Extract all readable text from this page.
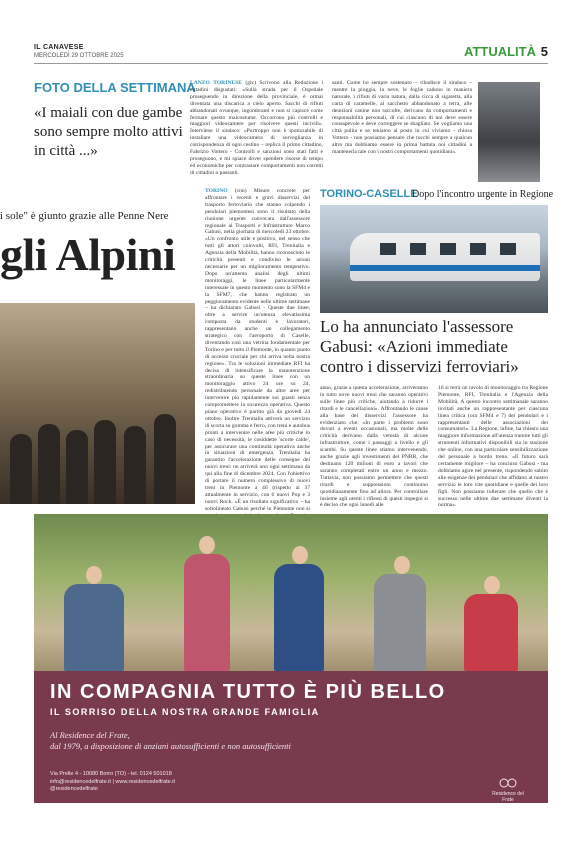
IL CANAVESE
MERCOLEDÌ 29 OTTOBRE 2025	ATTUALITÀ 5
FOTO DELLA SETTIMANA
«I maiali con due gambe sono sempre molto attivi in città ...»
LANZO TORINESE (glc) Scrivono alla Redazione i cittadini disgustati: «Sulla strada per il Ospedale proseguendo in direzione della provinciale, è ormai diventata una discarica a cielo aperto. Sacchi di rifiuti abbandonati ovunque, ingombranti e non si capisce come fermare questo malcostume. Occorrono più controlli e maggiori videocamere per risolvere questi incivili». Interviene il sindaco: «Purtroppo non è ipotizzabile di installare una videocamera di sorveglianza in corrispondenza di ogni cestino – replica il primo cittadino, Fabrizio Vottero - Controlli e sanzioni sono stati fatti e proseguono, e mi spiace dover spendere risorse di tempo ed economiche per contrastare comportamenti non corretti di cittadini o passanti.
santi. Come ho sempre sostenuto – ribadisce il sindaco – mentre la pioggia, la neve, le foglie cadono in maniera naturale, i rifiuti di varia natura, dalla cicca di sigaretta, alla carta di caramelle, al sacchetto abbandonato a terra, alle deiezioni canine non raccolte, derivano da comportamenti e responsabilità personali, di cui ciascuno di noi deve essere consapevole e deve correggere se sbagliato. Se vogliamo una città pulita e se teniamo al posto in cui viviamo - chiosa Vottero - non possiamo pensare che tocchi sempre a qualcun altro ma dobbiamo essere in prima battuta noi cittadini a mantenerla tale con i nostri comportamenti quotidiani».
i sole" è giunto grazie alle Penne Nere
gli Alpini
TORINO (cnn) Misure concrete per affrontare i recenti e gravi disservizi del trasporto ferroviario che stanno colpendo i pendolari piemontesi sono il risultato della riunione urgente convocata dall'assessore regionale ai Trasporti e Infrastrutture Marco Gabusi, nella giornata di mercoledì 23 ottobre. «Un confronto utile e positivo, nel senso che tutti gli attori coinvolti, RFI, Trenitalia e Agenzia della Mobilità, hanno riconosciuto le criticità presenti e condiviso le azioni necessarie per un miglioramento tempestivo. Dopo un'attenta analisi degli ultimi monitoraggi, le linee particolarmente interessate in questo momento sono la SFM4 e la SFM7, che hanno registrato un peggioramento evidente nelle ultime settimane – ha dichiarato Gabusi - Queste due linee, oltre a servire un'utenza elevatissima composta da studenti e lavoratori, rappresentano anche un collegamento strategico con l'aeroporto di Caselle, diventando così una vetrina fondamentale per Torino e per tutto il Piemonte, in quanto punto di accesso cruciale per chi arriva nella nostra regione». Tra le soluzioni immediate RFI ha deciso di intensificare la manutenzione straordinaria su queste linee con un monitoraggio attivo 24 ore su 24, redistribuendo personale da altre aree per intervenire più rapidamente sui guasti senza compromettere la sicurezza operativa. Questo piano operativo è partito già da giovedì 24 ottobre. Inoltre Trenitalia attiverà un servizio di scorta su gomma e ferro, con treni e autobus pronti a intervenire nelle aree più critiche in caso di necessità, le cosiddette 'scorte calde', per assicurare una continuità operativa anche in situazioni di emergenza. Trenitalia ha garantito l'accelerazione delle consegne dei nuovi treni: ne arriverà uno ogni settimana da qui alla fine di dicembre 2024. Con l'obiettivo di portare il numero complessivo di nuovi treni in Piemonte a 46 (rispetto ai 37 attualmente in servizio, con 6 nuovi Pop e 3 nuovi Rock. «È un risultato significativo – ha sottolineato Gabusi perché in Piemonte non si
TORINO-CASELLE
Dopo l'incontro urgente in Regione
Lo ha annunciato l'assessore Gabusi: «Azioni immediate contro i disservizi ferroviari»
anno, grazie a questa accelerazione, arriveranno in tutto nove nuovi treni che saranno operativi sulle linee più critiche, aiutando a ridurre i ritardi e le cancellazioni». Affrontando le cause alla base dei disservizi l'assessore ha evidenziato che: «In parte i problemi sono dovuti a eventi occasionali, ma molte delle criticità derivano dalla vetustà di alcune infrastrutture, come i passaggi a livello e gli scambi. Su queste linee stiamo intervenendo, anche grazie agli investimenti del PNRR, che destinano 120 milioni di euro a lavori che saranno completati entro un anno e mezzo. Tuttavia, non possiamo permettere che questi ritardi e soppressioni continuino quotidianamente fino ad allora. Per controllare insieme agli utenti i riflessi di questi impegni si è deciso che ogni lunedì alle
16 si terrà un tavolo di monitoraggio tra Regione Piemonte, RFI, Trenitalia e l'Agenzia della Mobilità. A questo incontro settimanale saranno invitati anche un rappresentante per ciascuna linea critica (ora SFM4 e 7) dei pendolari e i rappresentanti delle associazioni dei consumatori». La Regione, infine, ha chiesto una maggiore informazione all'utenza tramite tutti gli strumenti informativi disponibili sia in stazione che online, con una particolare sensibilizzazione del personale a bordo treno. «Il futuro sarà certamente migliore – ha concluso Gabusi - ma dobbiamo agire nel presente, rispondendo subito alle esigenze dei pendolari che affidano al nostro servizio le loro vite quotidiane e quelle dei loro figli. Non possiamo tollerare che quello che è successo nelle ultime due settimane diventi la norma».
IN COMPAGNIA TUTTO È PIÙ BELLO
IL SORRISO DELLA NOSTRA GRANDE FAMIGLIA
Al Residence del Frate,
dal 1979, a disposizione di anziani autosufficienti e non autosufficienti
Via Prelle 4 - 10080 Borro (TO) - tel. 0124 501018
info@residencedelfrate.it | www.residencedelfrate.it
@residencedelfrate
Residence del Frate
